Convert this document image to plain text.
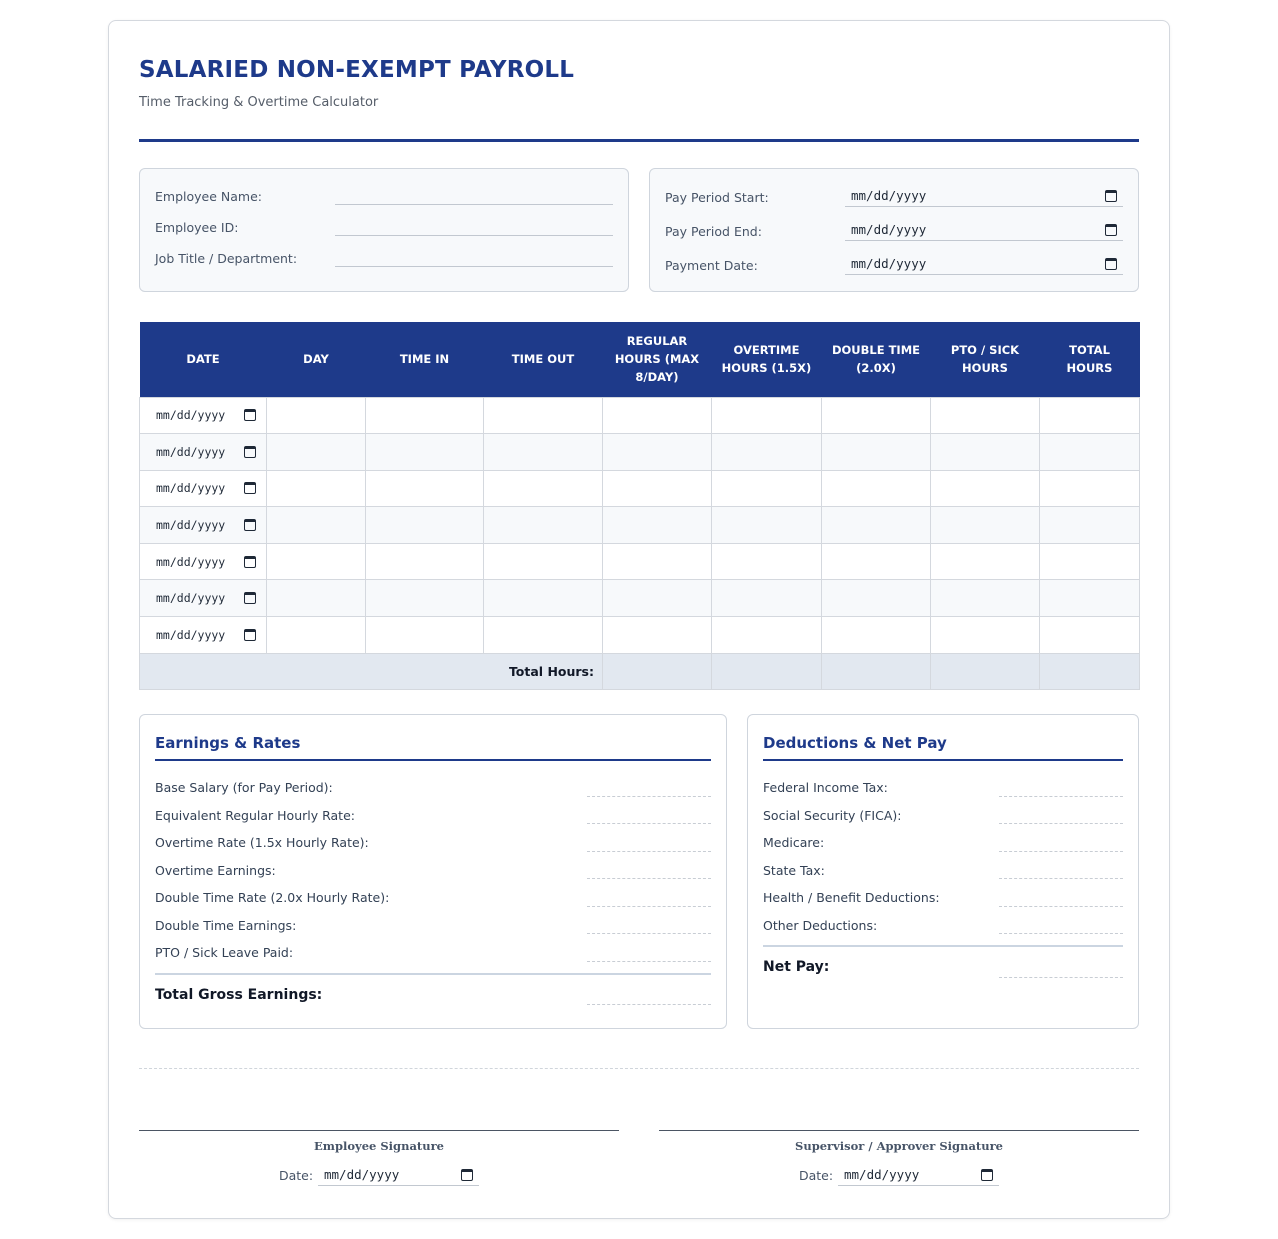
SALARIED NON-EXEMPT PAYROLL
Time Tracking & Overtime Calculator
Employee Name:
Employee ID:
Job Title / Department:
Pay Period Start:	mm/dd/yyyy
Pay Period End:	mm/dd/yyyy
Payment Date:	mm/dd/yyyy
DATE	DAY	TIME IN	TIME OUT	REGULAR HOURS (MAX 8/DAY)	OVERTIME HOURS (1.5X)	DOUBLE TIME (2.0X)	PTO / SICK HOURS	TOTAL HOURS

mm/dd/yyyy								

mm/dd/yyyy								

mm/dd/yyyy								

mm/dd/yyyy								

mm/dd/yyyy								

mm/dd/yyyy								

mm/dd/yyyy								

Total Hours:								
Earnings & Rates
Base Salary (for Pay Period):
Equivalent Regular Hourly Rate:
Overtime Rate (1.5x Hourly Rate):
Overtime Earnings:
Double Time Rate (2.0x Hourly Rate):
Double Time Earnings:
PTO / Sick Leave Paid:
Total Gross Earnings:
Deductions & Net Pay
Federal Income Tax:
Social Security (FICA):
Medicare:
State Tax:
Health / Benefit Deductions:
Other Deductions:
Net Pay:
Employee Signature
Date: mm/dd/yyyy
Supervisor / Approver Signature
Date: mm/dd/yyyy
